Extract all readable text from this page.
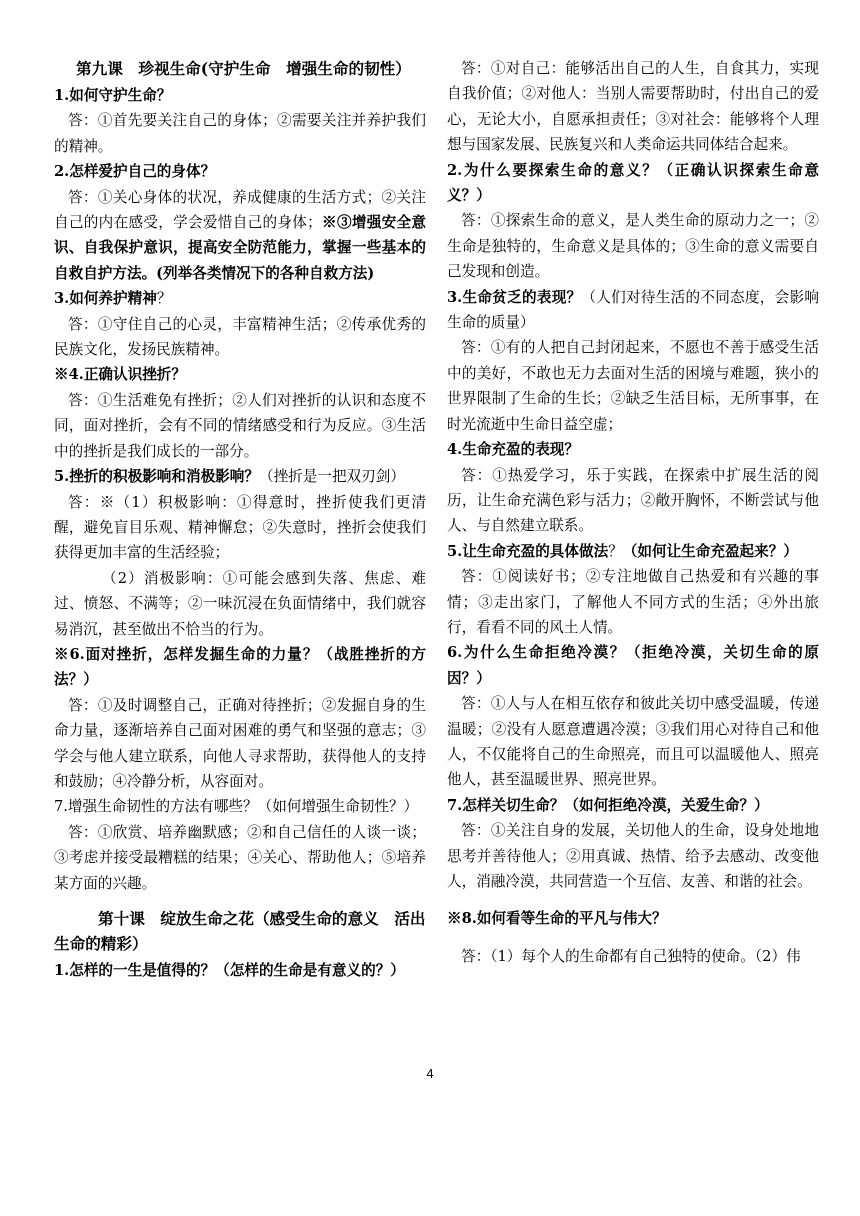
第九课　珍视生命(守护生命　增强生命的韧性）

1.如何守护生命？

答：①首先要关注自己的身体；②需要关注并养护我们的精神。

2.怎样爱护自己的身体？

答：①关心身体的状况，养成健康的生活方式；②关注自己的内在感受，学会爱惜自己的身体；※③增强安全意识、自我保护意识，提高安全防范能力，掌握一些基本的自救自护方法。(列举各类情况下的各种自救方法)

3.如何养护精神？

答：①守住自己的心灵，丰富精神生活；②传承优秀的民族文化，发扬民族精神。

※4.正确认识挫折？

答：①生活难免有挫折；②人们对挫折的认识和态度不同，面对挫折，会有不同的情绪感受和行为反应。③生活中的挫折是我们成长的一部分。

5.挫折的积极影响和消极影响？（挫折是一把双刃剑）

答：※（1）积极影响：①得意时，挫折使我们更清醒，避免盲目乐观、精神懈怠；②失意时，挫折会使我们获得更加丰富的生活经验；

（2）消极影响：①可能会感到失落、焦虑、难过、愤怒、不满等；②一味沉浸在负面情绪中，我们就容易消沉，甚至做出不恰当的行为。

※6.面对挫折，怎样发掘生命的力量？（战胜挫折的方法？）

答：①及时调整自己，正确对待挫折；②发掘自身的生命力量，逐渐培养自己面对困难的勇气和坚强的意志；③学会与他人建立联系，向他人寻求帮助，获得他人的支持和鼓励；④冷静分析，从容面对。

7.增强生命韧性的方法有哪些？（如何增强生命韧性？）

答：①欣赏、培养幽默感；②和自己信任的人谈一谈；③考虑并接受最糟糕的结果；④关心、帮助他人；⑤培养某方面的兴趣。

第十课　绽放生命之花（感受生命的意义　活出生命的精彩）

1.怎样的一生是值得的？（怎样的生命是有意义的？）

答：①对自己：能够活出自己的人生，自食其力，实现自我价值；②对他人：当别人需要帮助时，付出自己的爱心，无论大小，自愿承担责任；③对社会：能够将个人理想与国家发展、民族复兴和人类命运共同体结合起来。

2.为什么要探索生命的意义？（正确认识探索生命意义？）

答：①探索生命的意义，是人类生命的原动力之一；②生命是独特的，生命意义是具体的；③生命的意义需要自己发现和创造。

3.生命贫乏的表现？（人们对待生活的不同态度，会影响生命的质量）

答：①有的人把自己封闭起来，不愿也不善于感受生活中的美好，不敢也无力去面对生活的困境与难题，狭小的世界限制了生命的生长；②缺乏生活目标，无所事事，在时光流逝中生命日益空虚；

4.生命充盈的表现？

答：①热爱学习，乐于实践，在探索中扩展生活的阅历，让生命充满色彩与活力；②敞开胸怀，不断尝试与他人、与自然建立联系。

5.让生命充盈的具体做法？（如何让生命充盈起来？）

答：①阅读好书；②专注地做自己热爱和有兴趣的事情；③走出家门，了解他人不同方式的生活；④外出旅行，看看不同的风土人情。

6.为什么生命拒绝冷漠？（拒绝冷漠，关切生命的原因？）

答：①人与人在相互依存和彼此关切中感受温暖，传递温暖；②没有人愿意遭遇冷漠；③我们用心对待自己和他人，不仅能将自己的生命照亮，而且可以温暖他人、照亮他人，甚至温暖世界、照亮世界。

7.怎样关切生命？（如何拒绝冷漠，关爱生命？）

答：①关注自身的发展，关切他人的生命，设身处地地思考并善待他人；②用真诚、热情、给予去感动、改变他人，消融冷漠，共同营造一个互信、友善、和谐的社会。

※8.如何看等生命的平凡与伟大？

答：（1）每个人的生命都有自己独特的使命。（2）伟

4
